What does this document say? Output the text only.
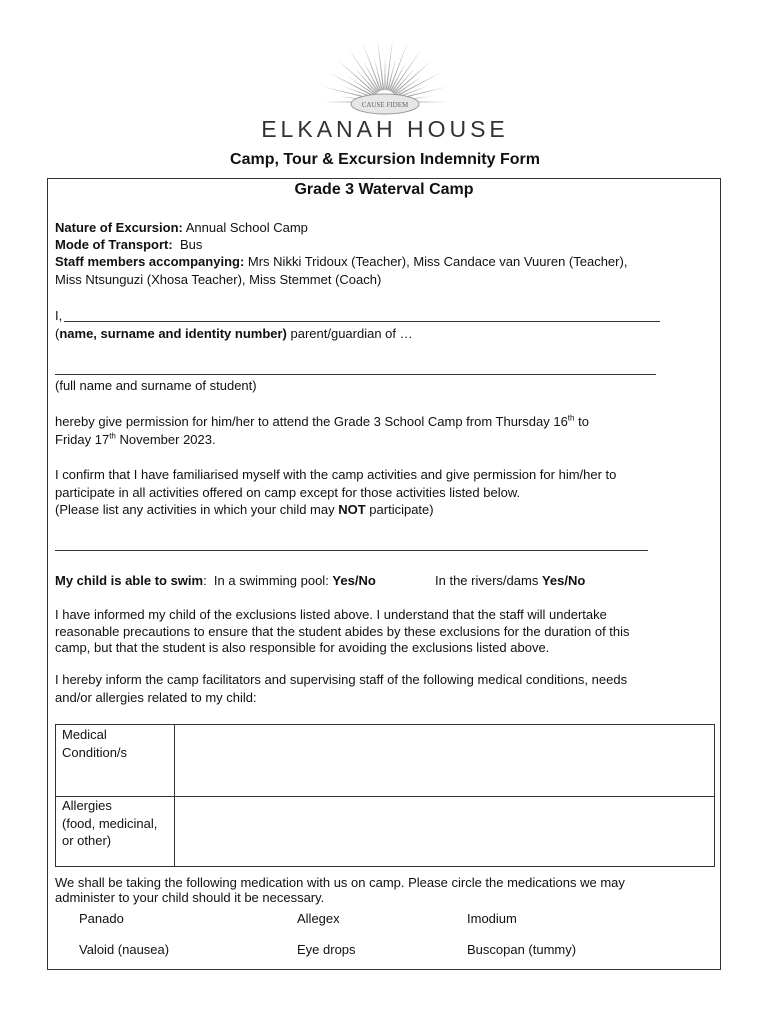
CAUSE FIDEM
ELKANAH HOUSE
Camp, Tour & Excursion Indemnity Form
Grade 3 Waterval Camp
Nature of Excursion: Annual School Camp
Mode of Transport:  Bus
Staff members accompanying: Mrs Nikki Tridoux (Teacher), Miss Candace van Vuuren (Teacher),
Miss Ntsunguzi (Xhosa Teacher), Miss Stemmet (Coach)
I,
(name, surname and identity number) parent/guardian of …
(full name and surname of student)
hereby give permission for him/her to attend the Grade 3 School Camp from Thursday 16th to
Friday 17th November 2023.
I confirm that I have familiarised myself with the camp activities and give permission for him/her to
participate in all activities offered on camp except for those activities listed below.
(Please list any activities in which your child may NOT participate)
My child is able to swim:  In a swimming pool: Yes/No	In the rivers/dams Yes/No
I have informed my child of the exclusions listed above. I understand that the staff will undertake
reasonable precautions to ensure that the student abides by these exclusions for the duration of this
camp, but that the student is also responsible for avoiding the exclusions listed above.
I hereby inform the camp facilitators and supervising staff of the following medical conditions, needs
and/or allergies related to my child:
Medical
Condition/s
Allergies
(food, medicinal,
or other)
We shall be taking the following medication with us on camp. Please circle the medications we may
administer to your child should it be necessary.
Panado	Allegex	Imodium
Valoid (nausea)	Eye drops	Buscopan (tummy)
